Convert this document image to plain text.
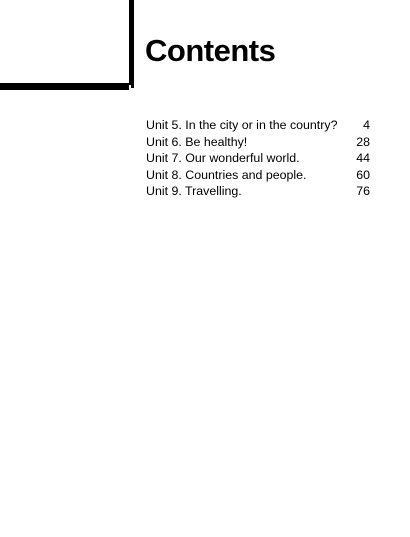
Contents
Unit 5. In the city or in the country?	4
Unit 6. Be healthy!	28
Unit 7. Our wonderful world.	44
Unit 8. Countries and people.	60
Unit 9. Travelling.	76
